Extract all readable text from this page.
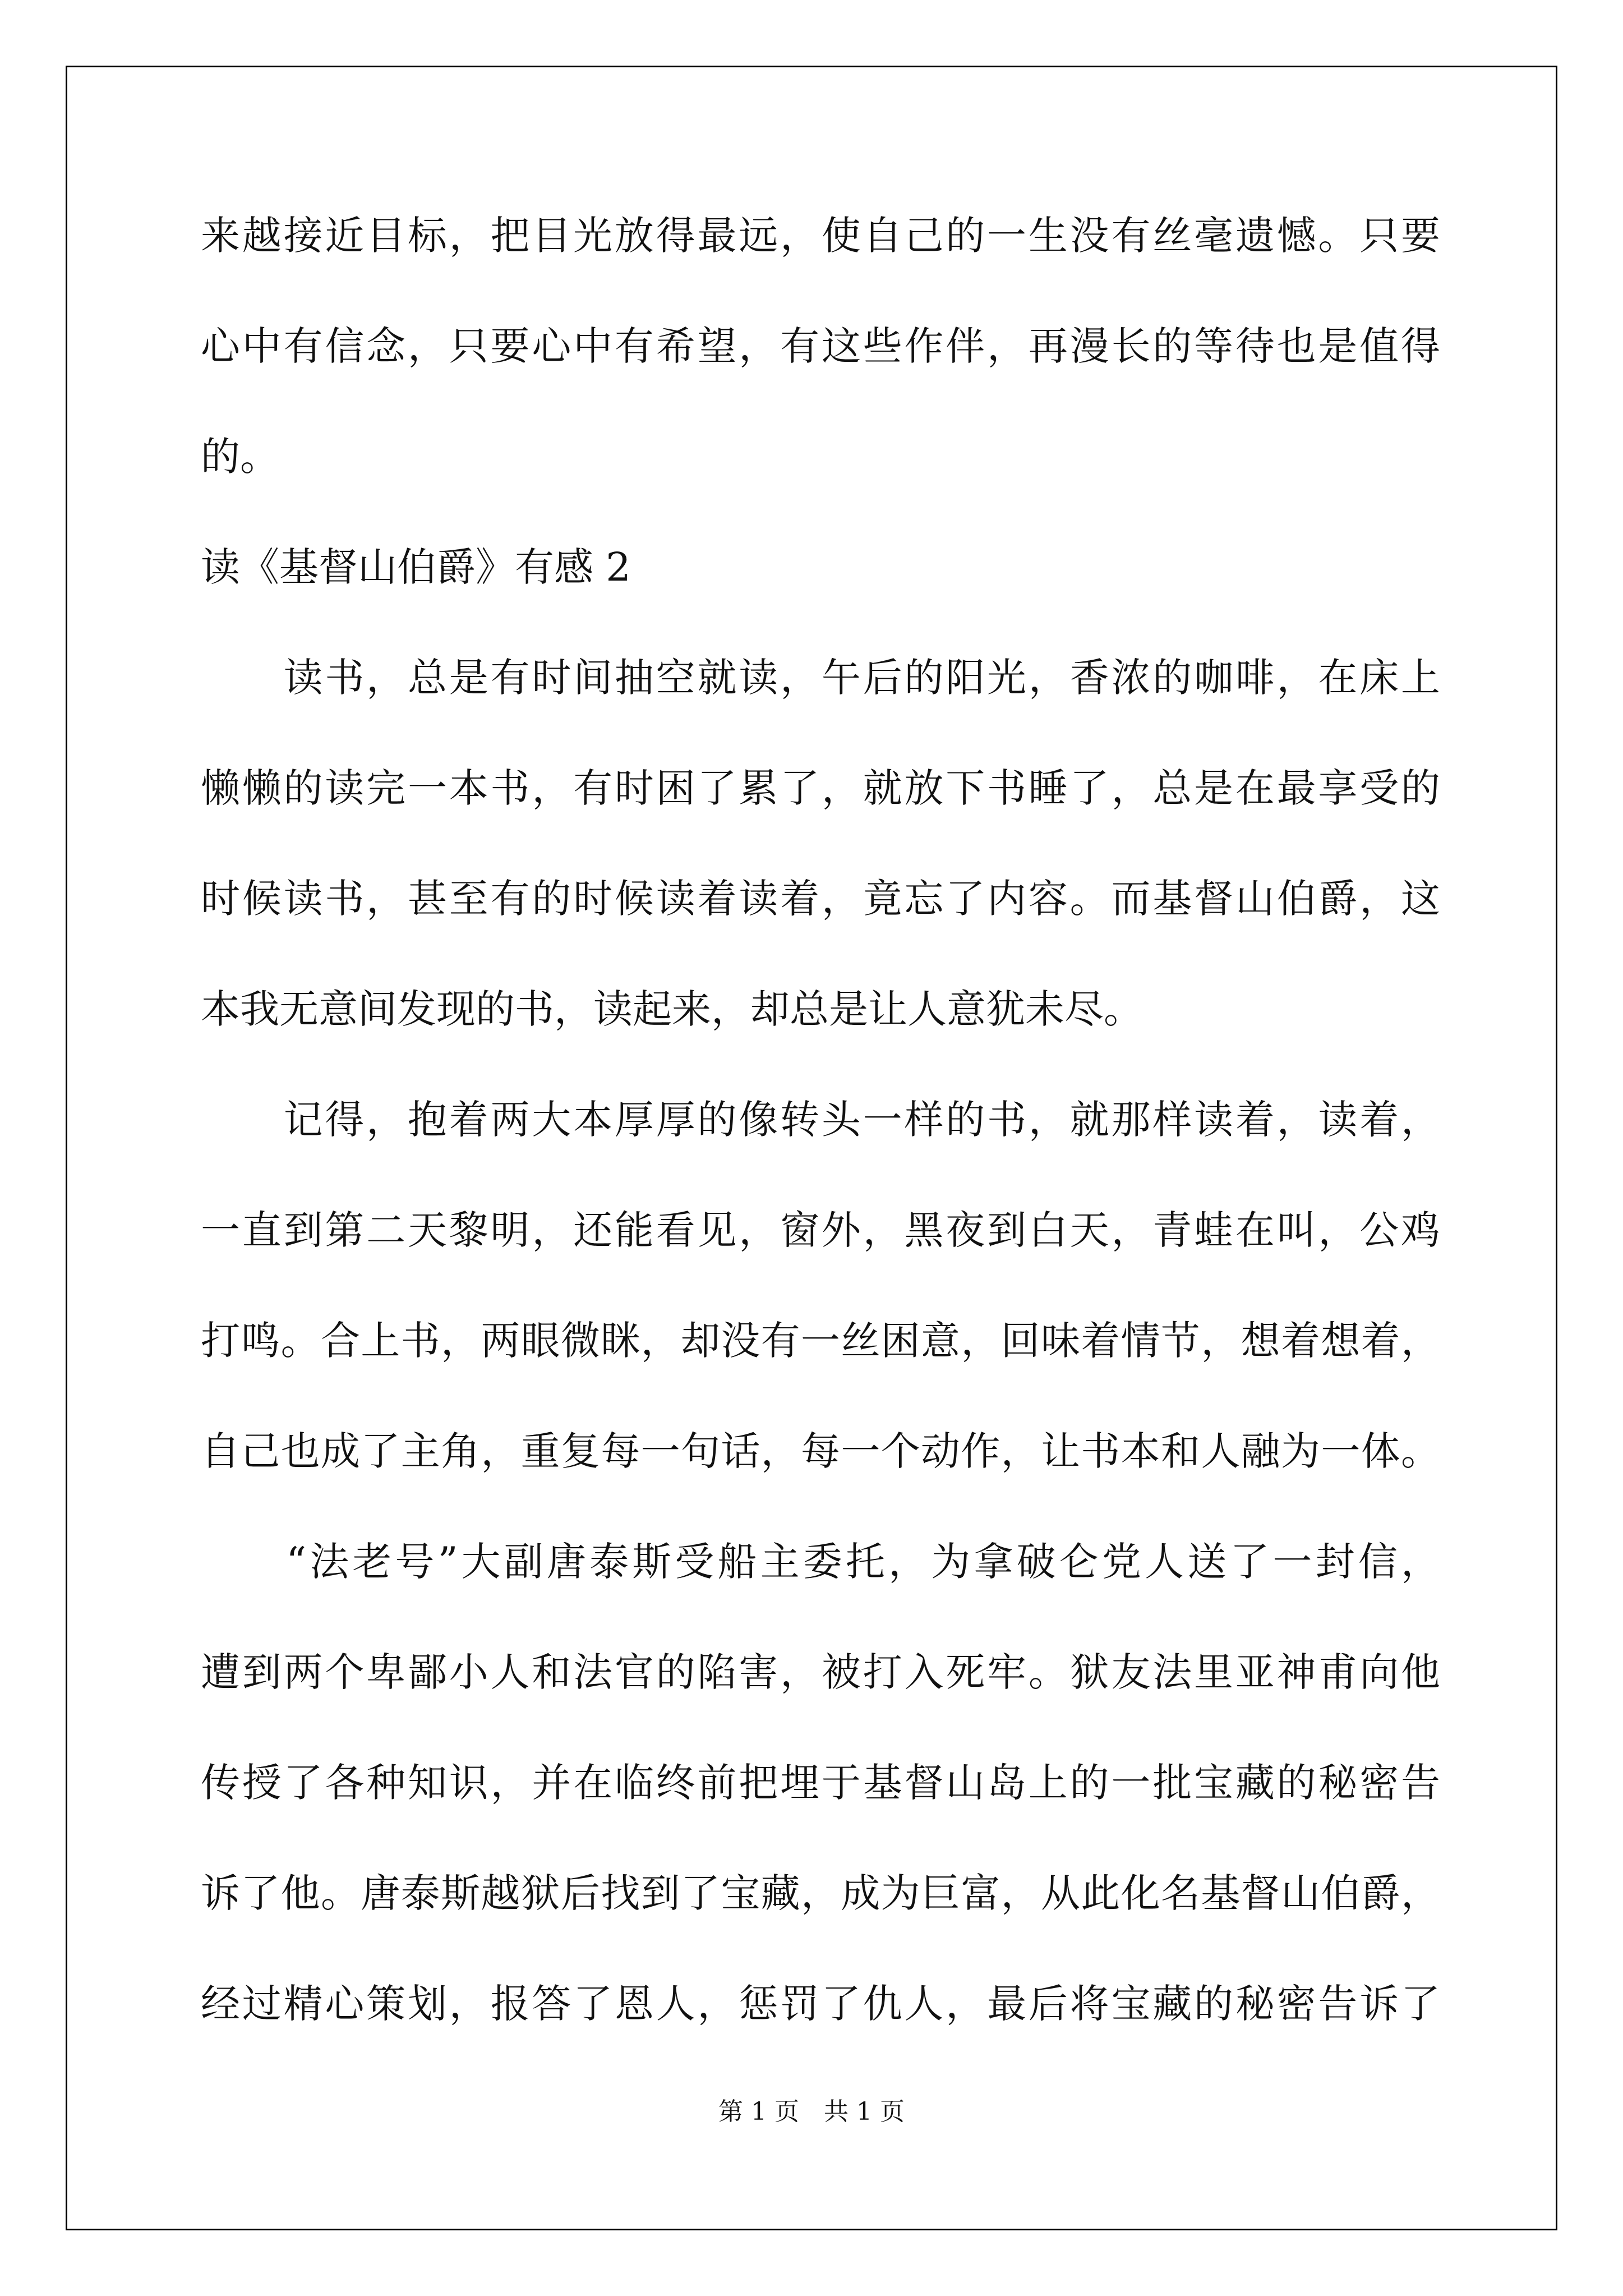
来越接近目标，把目光放得最远，使自己的一生没有丝毫遗憾。只要
心中有信念，只要心中有希望，有这些作伴，再漫长的等待也是值得
的。
读《基督山伯爵》有感 2
　　读书，总是有时间抽空就读，午后的阳光，香浓的咖啡，在床上
懒懒的读完一本书，有时困了累了，就放下书睡了，总是在最享受的
时候读书，甚至有的时候读着读着，竟忘了内容。而基督山伯爵，这
本我无意间发现的书，读起来，却总是让人意犹未尽。
　　记得，抱着两大本厚厚的像转头一样的书，就那样读着，读着，
一直到第二天黎明，还能看见，窗外，黑夜到白天，青蛙在叫，公鸡
打鸣。合上书，两眼微眯，却没有一丝困意，回味着情节，想着想着，
自己也成了主角，重复每一句话，每一个动作，让书本和人融为一体。
　　“法老号”大副唐泰斯受船主委托，为拿破仑党人送了一封信，
遭到两个卑鄙小人和法官的陷害，被打入死牢。狱友法里亚神甫向他
传授了各种知识，并在临终前把埋于基督山岛上的一批宝藏的秘密告
诉了他。唐泰斯越狱后找到了宝藏，成为巨富，从此化名基督山伯爵，
经过精心策划，报答了恩人，惩罚了仇人，最后将宝藏的秘密告诉了
第 1 页　共 1 页
